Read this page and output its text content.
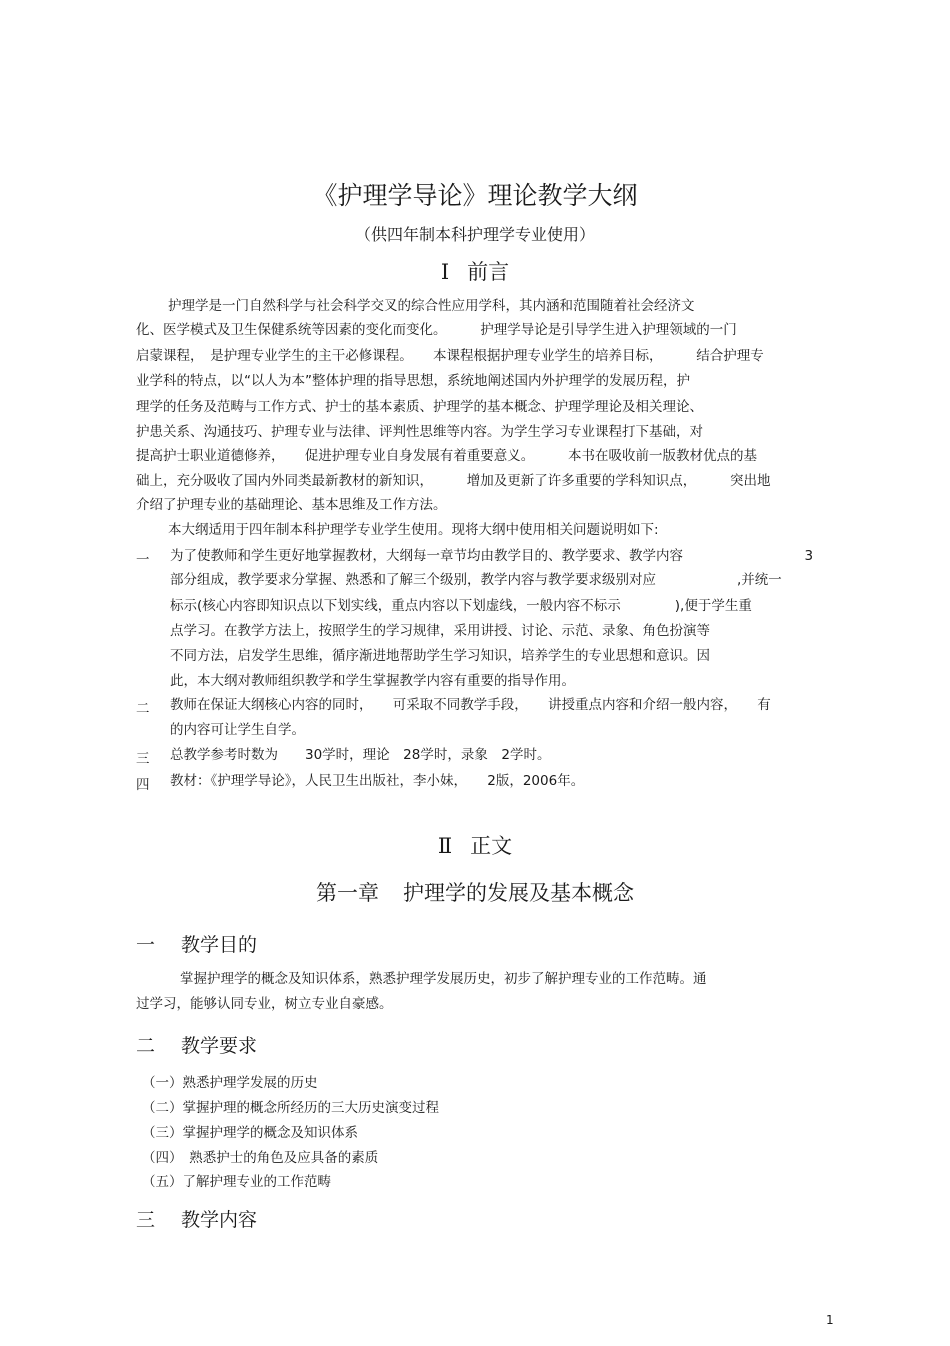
《护理学导论》理论教学大纲
（供四年制本科护理学专业使用）
Ⅰ 前言
护理学是一门自然科学与社会科学交叉的综合性应用学科，其内涵和范围随着社会经济文
化、医学模式及卫生保健系统等因素的变化而变化。　　　护理学导论是引导学生进入护理领域的一门
启蒙课程，　是护理专业学生的主干必修课程。　　本课程根据护理专业学生的培养目标，　　　结合护理专
业学科的特点，以“以人为本”整体护理的指导思想，系统地阐述国内外护理学的发展历程，护
理学的任务及范畴与工作方式、护士的基本素质、护理学的基本概念、护理学理论及相关理论、
护患关系、沟通技巧、护理专业与法律、评判性思维等内容。为学生学习专业课程打下基础，对
提高护士职业道德修养，　　促进护理专业自身发展有着重要意义。　　　本书在吸收前一版教材优点的基
础上，充分吸收了国内外同类最新教材的新知识，　　　增加及更新了许多重要的学科知识点，　　　突出地
介绍了护理专业的基础理论、基本思维及工作方法。
本大纲适用于四年制本科护理学专业学生使用。现将大纲中使用相关问题说明如下:
一 为了使教师和学生更好地掌握教材，大纲每一章节均由教学目的、教学要求、教学内容　　　　　　　　　3
部分组成，教学要求分掌握、熟悉和了解三个级别，教学内容与教学要求级别对应　　　　　　,并统一
标示(核心内容即知识点以下划实线，重点内容以下划虚线，一般内容不标示　　　　),便于学生重
点学习。在教学方法上，按照学生的学习规律，采用讲授、讨论、示范、录象、角色扮演等
不同方法，启发学生思维，循序渐进地帮助学生学习知识，培养学生的专业思想和意识。因
此，本大纲对教师组织教学和学生掌握教学内容有重要的指导作用。
二 教师在保证大纲核心内容的同时，　　可采取不同教学手段，　　讲授重点内容和介绍一般内容，　　有
的内容可让学生自学。
三 总教学参考时数为　　30学时，理论　28学时，录象　2学时。
四 教材：《护理学导论》，人民卫生出版社，李小妹，　　2版，2006年。
Ⅱ 正文
第一章 护理学的发展及基本概念
一 教学目的
掌握护理学的概念及知识体系，熟悉护理学发展历史，初步了解护理专业的工作范畴。通
过学习，能够认同专业，树立专业自豪感。
二 教学要求
（一）熟悉护理学发展的历史
（二）掌握护理的概念所经历的三大历史演变过程
（三）掌握护理学的概念及知识体系
（四）　熟悉护士的角色及应具备的素质
（五）了解护理专业的工作范畴
三 教学内容
1
